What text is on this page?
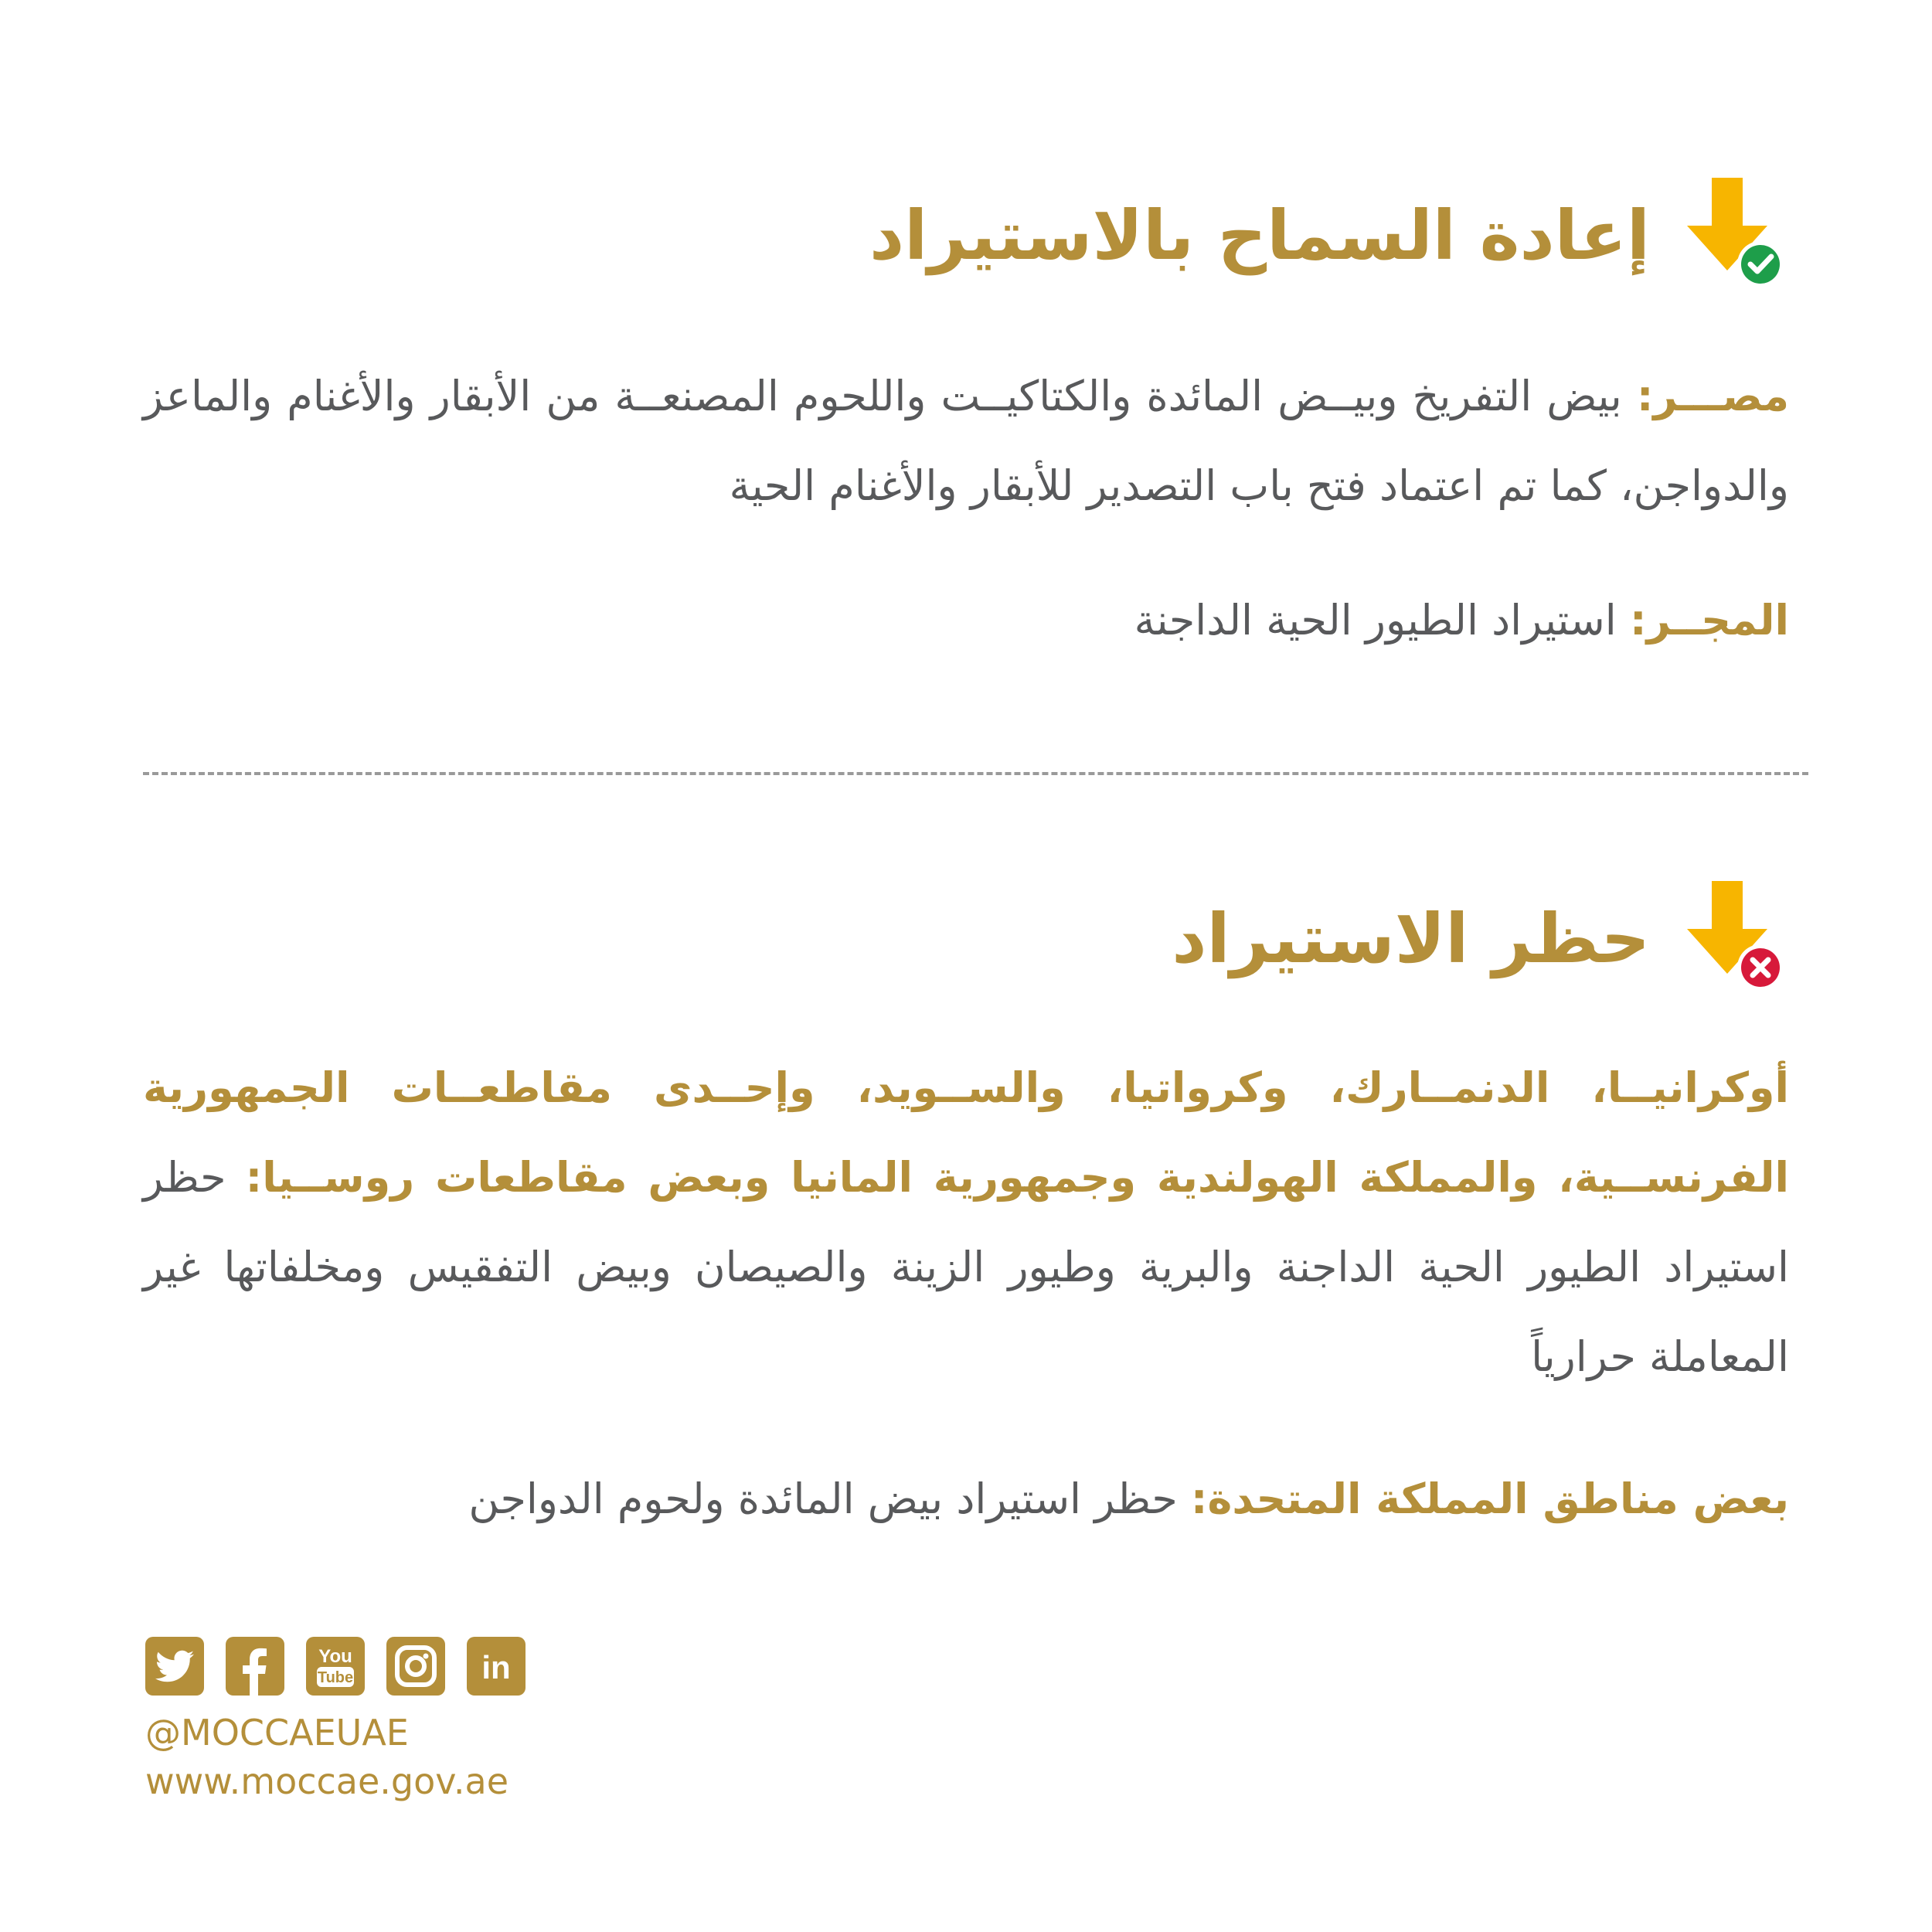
إعادة السماح بالاستيراد
مصـــر: بيض التفريخ وبيــض المائدة والكتاكيــت واللحوم المصنعــة من الأبقار والأغنام والماعز والدواجن، كما تم اعتماد فتح باب التصدير للأبقار والأغنام الحية
المجــر: استيراد الطيور الحية الداجنة
حظر الاستيراد
أوكرانيــا، الدنمــارك، وكرواتيا، والســويد، وإحــدى مقاطعــات الجمهورية الفرنســية، والمملكة الهولندية وجمهورية المانيا وبعض مقاطعات روســيا: حظر استيراد الطيور الحية الداجنة والبرية وطيور الزينة والصيصان وبيض التفقيس ومخلفاتها غير المعاملة حرارياً
بعض مناطق المملكة المتحدة: حظر استيراد بيض المائدة ولحوم الدواجن
You
Tube	in
@MOCCAEUAE
www.moccae.gov.ae
